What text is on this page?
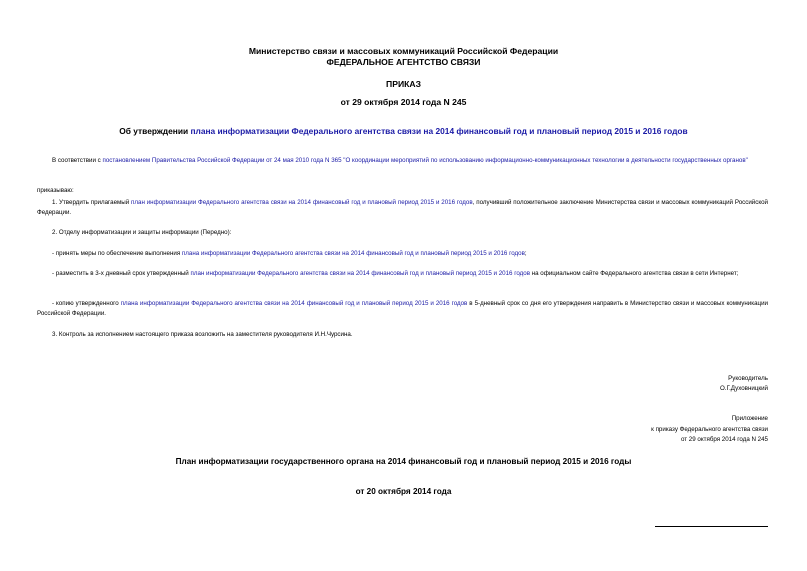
Министерство связи и массовых коммуникаций Российской Федерации
ФЕДЕРАЛЬНОЕ АГЕНТСТВО СВЯЗИ
ПРИКАЗ
от 29 октября 2014 года N 245
Об утверждении плана информатизации Федерального агентства связи на 2014 финансовый год и плановый период 2015 и 2016 годов
В соответствии с постановлением Правительства Российской Федерации от 24 мая 2010 года N 365 "О координации мероприятий по использованию информационно-коммуникационных технологии в деятельности государственных органов"
приказываю:
1. Утвердить прилагаемый план информатизации Федерального агентства связи на 2014 финансовый год и плановый период 2015 и 2016 годов, получивший положительное заключение Министерства связи и массовых коммуникаций Российской Федерации.
2. Отделу информатизации и защиты информации (Передно):
- принять меры по обеспечение выполнения плана информатизации Федерального агентства связи на 2014 финансовый год и плановый период 2015 и 2016 годов;
- разместить в 3-х дневный срок утвержденный план информатизации Федерального агентства связи на 2014 финансовый год и плановый период 2015 и 2016 годов на официальном сайте Федерального агентства связи в сети Интернет;
- копию утвержденного плана информатизации Федерального агентства связи на 2014 финансовый год и плановый период 2015 и 2016 годов в 5-дневный срок со дня его утверждения направить в Министерство связи и массовых коммуникации Российской Федерации.
3. Контроль за исполнением настоящего приказа возложить на заместителя руководителя И.Н.Чурсина.
Руководитель
О.Г.Духовницкий
Приложение
к приказу Федерального агентства связи
от 29 октября 2014 года N 245
План информатизации государственного органа на 2014 финансовый год и плановый период 2015 и 2016 годы
от 20 октября 2014 года
